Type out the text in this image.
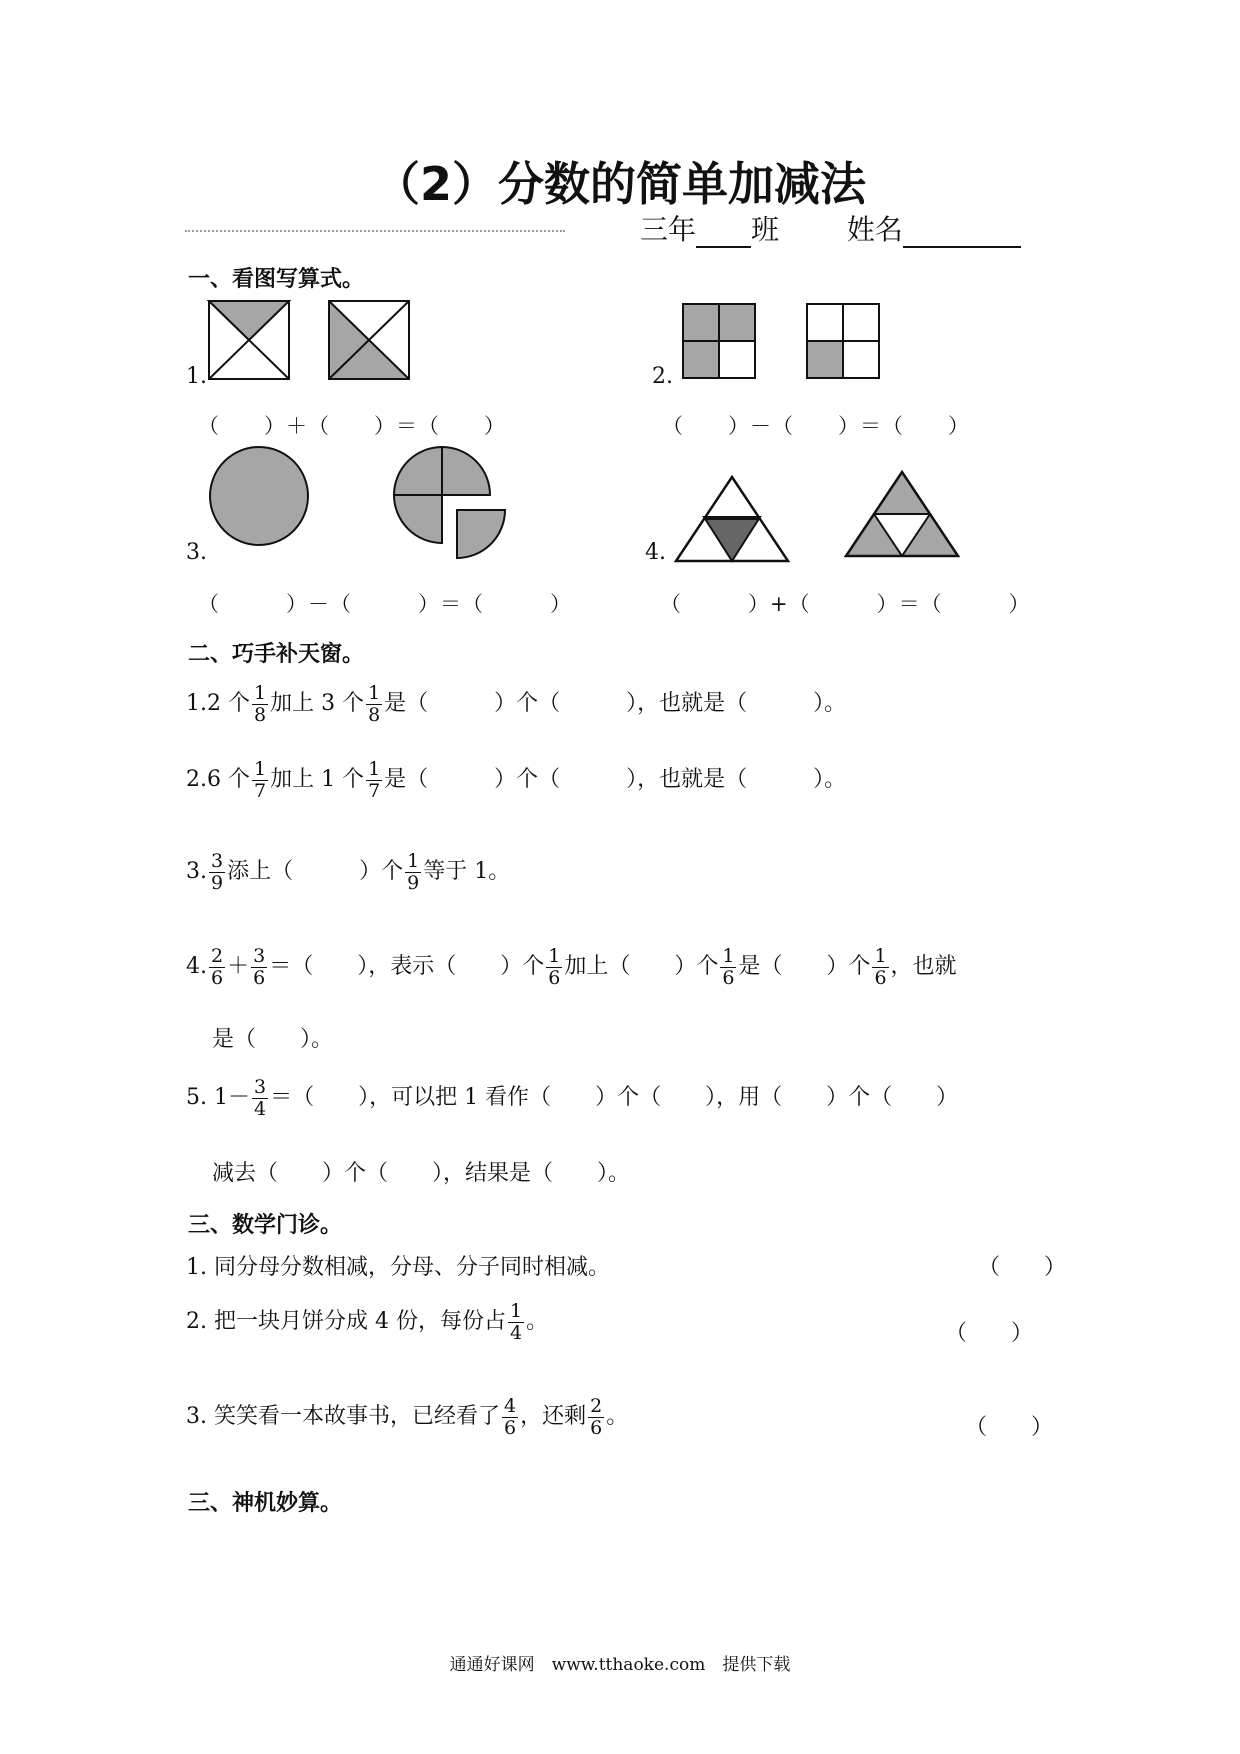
（2）分数的简单加减法
三年 班 姓名
一、看图写算式。
1.
（　　）＋（　　）＝（　　）
2.
（　　）－（　　）＝（　　）
3.
（　　　）－（　　　）＝（　　　）
4.
（　　　）+（　　　）＝（　　　）
二、巧手补天窗。
1.2 个 $\frac{1}{8}$ 加上 3 个 $\frac{1}{8}$ 是（　　　）个（　　　），也就是（　　　）。
2.6 个 $\frac{1}{7}$ 加上 1 个 $\frac{1}{7}$ 是（　　　）个（　　　），也就是（　　　）。
3. $\frac{3}{9}$ 添上（　　　）个 $\frac{1}{9}$ 等于 1。
4. $\frac{2}{6} + \frac{3}{6}$ ＝（　　），表示（　　）个 $\frac{1}{6}$ 加上（　　）个 $\frac{1}{6}$ 是（　　）个 $\frac{1}{6}$ ，也就
是（　　）。
5. $1- \frac{3}{4}$ ＝（　　），可以把 1 看作（　　）个（　　），用（　　）个（　　）
减去（　　）个（　　），结果是（　　）。
三、数学门诊。
1. 同分母分数相减，分母、分子同时相减。	（　　）
2. 把一块月饼分成 4 份，每份占 $\frac{1}{4}$ 。	（　　）
3. 笑笑看一本故事书，已经看了 $\frac{4}{6}$ ，还剩 $\frac{2}{6}$ 。	（　　）
三、神机妙算。
通通好课网　www.tthaoke.com　提供下载
